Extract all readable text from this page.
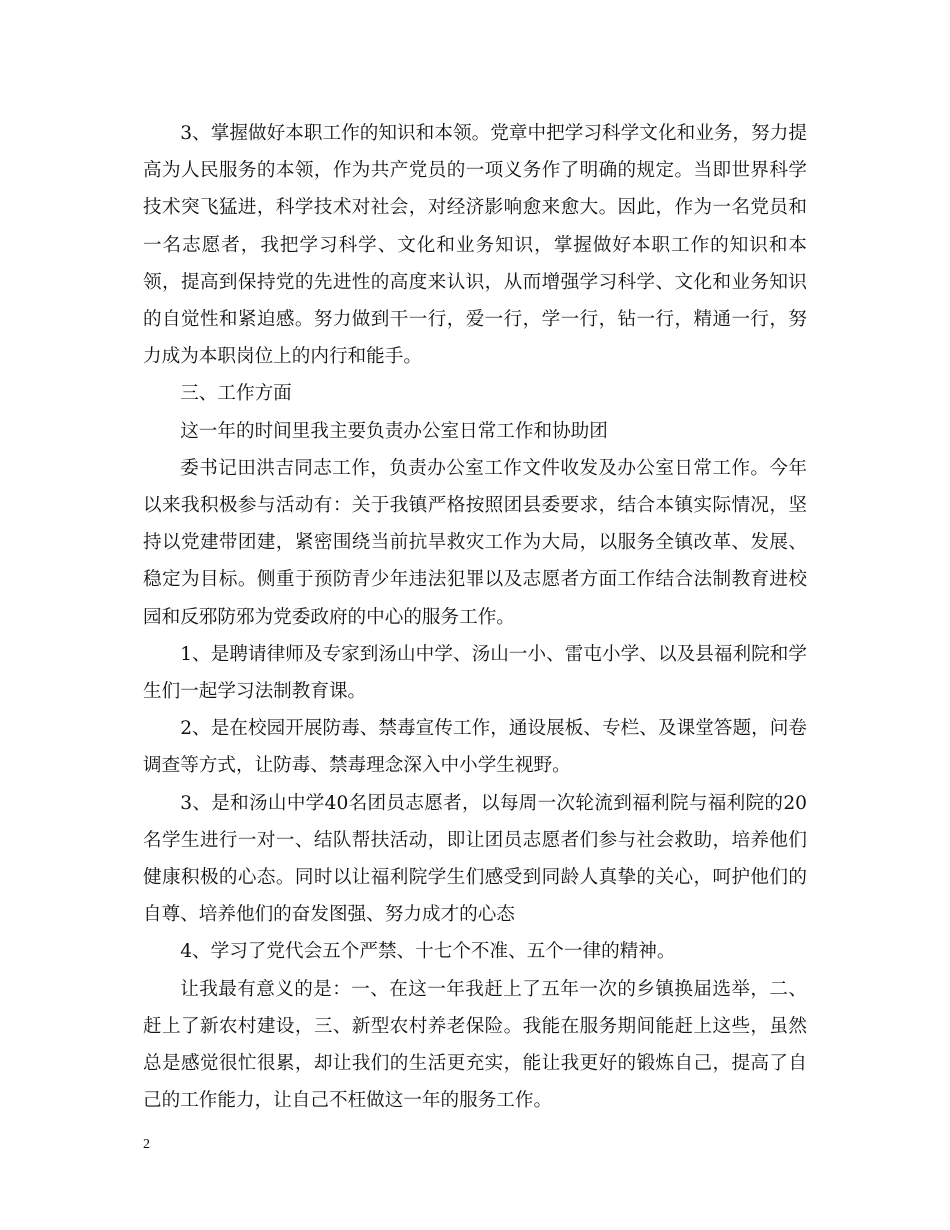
3、掌握做好本职工作的知识和本领。党章中把学习科学文化和业务，努力提高为人民服务的本领，作为共产党员的一项义务作了明确的规定。当即世界科学技术突飞猛进，科学技术对社会，对经济影响愈来愈大。因此，作为一名党员和一名志愿者，我把学习科学、文化和业务知识，掌握做好本职工作的知识和本领，提高到保持党的先进性的高度来认识，从而增强学习科学、文化和业务知识的自觉性和紧迫感。努力做到干一行，爱一行，学一行，钻一行，精通一行，努力成为本职岗位上的内行和能手。

三、工作方面

这一年的时间里我主要负责办公室日常工作和协助团

委书记田洪吉同志工作，负责办公室工作文件收发及办公室日常工作。今年以来我积极参与活动有：关于我镇严格按照团县委要求，结合本镇实际情况，坚持以党建带团建，紧密围绕当前抗旱救灾工作为大局，以服务全镇改革、发展、稳定为目标。侧重于预防青少年违法犯罪以及志愿者方面工作结合法制教育进校园和反邪防邪为党委政府的中心的服务工作。

1、是聘请律师及专家到汤山中学、汤山一小、雷屯小学、以及县福利院和学生们一起学习法制教育课。

2、是在校园开展防毒、禁毒宣传工作，通设展板、专栏、及课堂答题，问卷调查等方式，让防毒、禁毒理念深入中小学生视野。

3、是和汤山中学40名团员志愿者，以每周一次轮流到福利院与福利院的20名学生进行一对一、结队帮扶活动，即让团员志愿者们参与社会救助，培养他们健康积极的心态。同时以让福利院学生们感受到同龄人真挚的关心，呵护他们的自尊、培养他们的奋发图强、努力成才的心态

4、学习了党代会五个严禁、十七个不准、五个一律的精神。

让我最有意义的是：一、在这一年我赶上了五年一次的乡镇换届选举，二、赶上了新农村建设，三、新型农村养老保险。我能在服务期间能赶上这些，虽然总是感觉很忙很累，却让我们的生活更充实，能让我更好的锻炼自己，提高了自己的工作能力，让自己不枉做这一年的服务工作。

2
